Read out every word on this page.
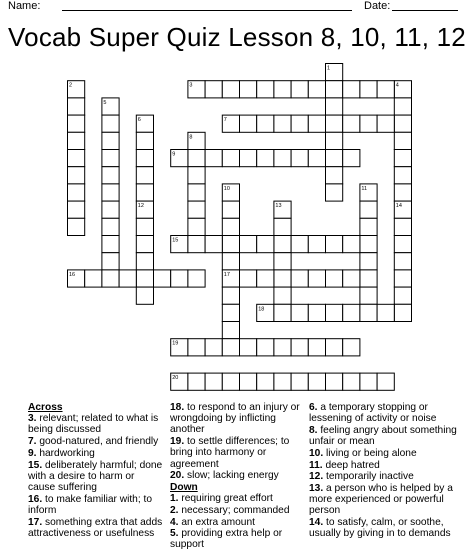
Name:	Date:
Vocab Super Quiz Lesson 8, 10, 11, 12
1
2	3	4
5
6	7
8
9
10	11
12	13	14
15
16	17
18
19
20
Across
3. relevant; related to what is being discussed
7. good-natured, and friendly
9. hardworking
15. deliberately harmful; done with a desire to harm or cause suffering
16. to make familiar with; to inform
17. something extra that adds attractiveness or usefulness
18. to respond to an injury or wrongdoing by inflicting another
19. to settle differences; to bring into harmony or agreement
20. slow; lacking energy
Down
1. requiring great effort
2. necessary; commanded
4. an extra amount
5. providing extra help or support
6. a temporary stopping or lessening of activity or noise
8. feeling angry about something unfair or mean
10. living or being alone
11. deep hatred
12. temporarily inactive
13. a person who is helped by a more experienced or powerful person
14. to satisfy, calm, or soothe, usually by giving in to demands
